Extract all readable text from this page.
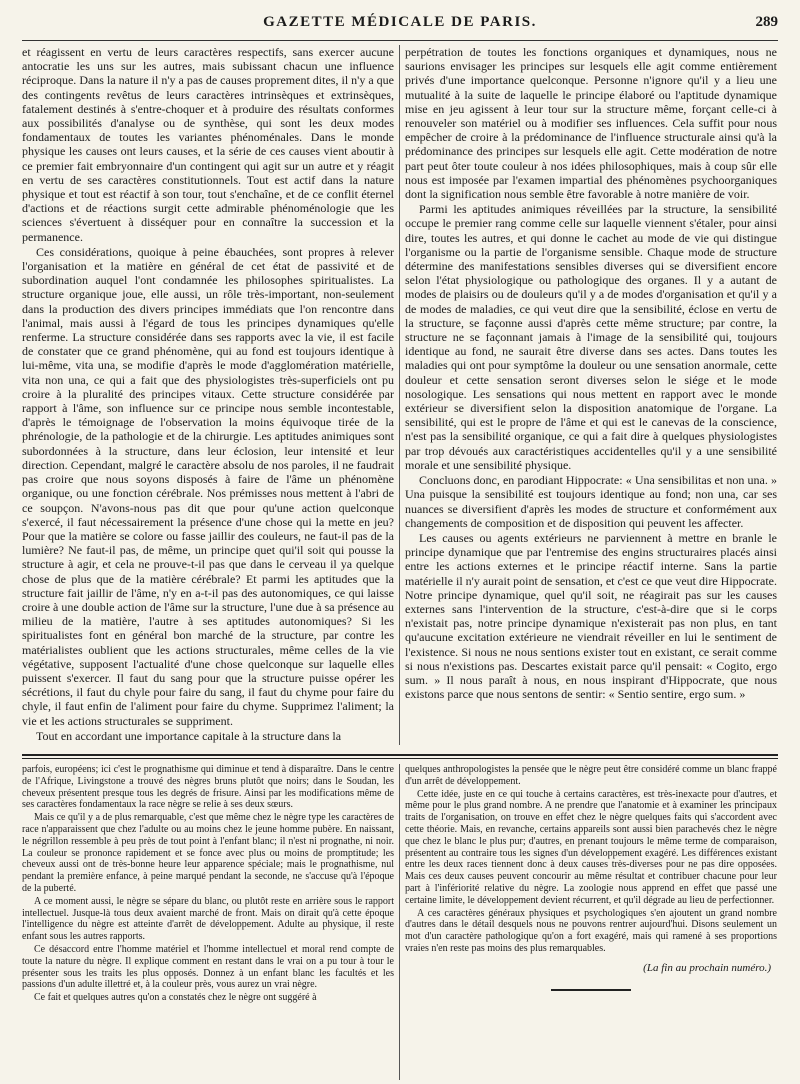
GAZETTE MÉDICALE DE PARIS.	289

et réagissent en vertu de leurs caractères respectifs, sans exercer aucune antocratie les uns sur les autres, mais subissant chacun une influence réciproque. Dans la nature il n'y a pas de causes proprement dites, il n'y a que des contingents revêtus de leurs caractères intrinsèques et extrinsèques, fatalement destinés à s'entre-choquer et à produire des résultats conformes aux possibilités d'analyse ou de synthèse, qui sont les deux modes fondamentaux de toutes les variantes phénoménales. Dans le monde physique les causes ont leurs causes, et la série de ces causes vient aboutir à ce premier fait embryonnaire d'un contingent qui agit sur un autre et y réagit en vertu de ses caractères constitutionnels. Tout est actif dans la nature physique et tout est réactif à son tour, tout s'enchaîne, et de ce conflit éternel d'actions et de réactions surgit cette admirable phénoménologie que les sciences s'évertuent à disséquer pour en connaître la succession et la permanence.

Ces considérations, quoique à peine ébauchées, sont propres à relever l'organisation et la matière en général de cet état de passivité et de subordination auquel l'ont condamnée les philosophes spiritualistes. La structure organique joue, elle aussi, un rôle très-important, non-seulement dans la production des divers principes immédiats que l'on rencontre dans l'animal, mais aussi à l'égard de tous les principes dynamiques qu'elle renferme. La structure considérée dans ses rapports avec la vie, il est facile de constater que ce grand phénomène, qui au fond est toujours identique à lui-même, vita una, se modifie d'après le mode d'agglomération matérielle, vita non una, ce qui a fait que des physiologistes très-superficiels ont pu croire à la pluralité des principes vitaux. Cette structure considérée par rapport à l'âme, son influence sur ce principe nous semble incontestable, d'après le témoignage de l'observation la moins équivoque tirée de la phrénologie, de la pathologie et de la chirurgie. Les aptitudes animiques sont subordonnées à la structure, dans leur éclosion, leur intensité et leur direction. Cependant, malgré le caractère absolu de nos paroles, il ne faudrait pas croire que nous soyons disposés à faire de l'âme un phénomène organique, ou une fonction cérébrale. Nos prémisses nous mettent à l'abri de ce soupçon. N'avons-nous pas dit que pour qu'une action quelconque s'exercé, il faut nécessairement la présence d'une chose qui la mette en jeu? Pour que la matière se colore ou fasse jaillir des couleurs, ne faut-il pas de la lumière? Ne faut-il pas, de même, un principe quet qui'il soit qui pousse la structure à agir, et cela ne prouve-t-il pas que dans le cerveau il ya quelque chose de plus que de la matière cérébrale? Et parmi les aptitudes que la structure fait jaillir de l'âme, n'y en a-t-il pas des autonomiques, ce qui laisse croire à une double action de l'âme sur la structure, l'une due à sa présence au milieu de la matière, l'autre à ses aptitudes autonomiques? Si les spiritualistes font en général bon marché de la structure, par contre les matérialistes oublient que les actions structurales, même celles de la vie végétative, supposent l'actualité d'une chose quelconque sur laquelle elles puissent s'exercer. Il faut du sang pour que la structure puisse opérer les sécrétions, il faut du chyle pour faire du sang, il faut du chyme pour faire du chyle, il faut enfin de l'aliment pour faire du chyme. Supprimez l'aliment; la vie et les actions structurales se suppriment.

Tout en accordant une importance capitale à la structure dans la

perpétration de toutes les fonctions organiques et dynamiques, nous ne saurions envisager les principes sur lesquels elle agit comme entièrement privés d'une importance quelconque. Personne n'ignore qu'il y a lieu une mutualité à la suite de laquelle le principe élaboré ou l'aptitude dynamique mise en jeu agissent à leur tour sur la structure même, forçant celle-ci à renouveler son matériel ou à modifier ses influences. Cela suffit pour nous empêcher de croire à la prédominance de l'influence structurale ainsi qu'à la prédominance des principes sur lesquels elle agit. Cette modération de notre part peut ôter toute couleur à nos idées philosophiques, mais à coup sûr elle nous est imposée par l'examen impartial des phénomènes psychoorganiques dont la signification nous semble être favorable à notre manière de voir.

Parmi les aptitudes animiques réveillées par la structure, la sensibilité occupe le premier rang comme celle sur laquelle viennent s'étaler, pour ainsi dire, toutes les autres, et qui donne le cachet au mode de vie qui distingue l'organisme ou la partie de l'organisme sensible. Chaque mode de structure détermine des manifestations sensibles diverses qui se diversifient encore selon l'état physiologique ou pathologique des organes. Il y a autant de modes de plaisirs ou de douleurs qu'il y a de modes d'organisation et qu'il y a de modes de maladies, ce qui veut dire que la sensibilité, éclose en vertu de la structure, se façonne aussi d'après cette même structure; par contre, la structure ne se façonnant jamais à l'image de la sensibilité qui, toujours identique au fond, ne saurait être diverse dans ses actes. Dans toutes les maladies qui ont pour symptôme la douleur ou une sensation anormale, cette douleur et cette sensation seront diverses selon le siége et le mode nosologique. Les sensations qui nous mettent en rapport avec le monde extérieur se diversifient selon la disposition anatomique de l'organe. La sensibilité, qui est le propre de l'âme et qui est le canevas de la conscience, n'est pas la sensibilité organique, ce qui a fait dire à quelques physiologistes par trop dévoués aux caractéristiques accidentelles qu'il y a une sensibilité morale et une sensibilité physique.

Concluons donc, en parodiant Hippocrate: « Una sensibilitas et non una. » Una puisque la sensibilité est toujours identique au fond; non una, car ses nuances se diversifient d'après les modes de structure et conformément aux changements de composition et de disposition qui peuvent les affecter.

Les causes ou agents extérieurs ne parviennent à mettre en branle le principe dynamique que par l'entremise des engins structuraires placés ainsi entre les actions externes et le principe réactif interne. Sans la partie matérielle il n'y aurait point de sensation, et c'est ce que veut dire Hippocrate. Notre principe dynamique, quel qu'il soit, ne réagirait pas sur les causes externes sans l'intervention de la structure, c'est-à-dire que si le corps n'existait pas, notre principe dynamique n'existerait pas non plus, en tant qu'aucune excitation extérieure ne viendrait réveiller en lui le sentiment de l'existence. Si nous ne nous sentions exister tout en existant, ce serait comme si nous n'existions pas. Descartes existait parce qu'il pensait: « Cogito, ergo sum. » Il nous paraît à nous, en nous inspirant d'Hippocrate, que nous existons parce que nous sentons de sentir: « Sentio sentire, ergo sum. »

parfois, européens; ici c'est le prognathisme qui diminue et tend à disparaître. Dans le centre de l'Afrique, Livingstone a trouvé des nègres bruns plutôt que noirs; dans le Soudan, les cheveux présentent presque tous les degrés de frisure. Ainsi par les modifications même de ses caractères fondamentaux la race nègre se relie à ses deux sœurs.

Mais ce qu'il y a de plus remarquable, c'est que même chez le nègre type les caractères de race n'apparaissent que chez l'adulte ou au moins chez le jeune homme pubère. En naissant, le négrillon ressemble à peu près de tout point à l'enfant blanc; il n'est ni prognathe, ni noir. La couleur se prononce rapidement et se fonce avec plus ou moins de promptitude; les cheveux aussi ont de très-bonne heure leur apparence spéciale; mais le prognathisme, nul pendant la première enfance, à peine marqué pendant la seconde, ne s'accuse qu'à l'époque de la puberté.

A ce moment aussi, le nègre se sépare du blanc, ou plutôt reste en arrière sous le rapport intellectuel. Jusque-là tous deux avaient marché de front. Mais on dirait qu'à cette époque l'intelligence du nègre est atteinte d'arrêt de développement. Adulte au physique, il reste enfant sous les autres rapports.

Ce désaccord entre l'homme matériel et l'homme intellectuel et moral rend compte de toute la nature du nègre. Il explique comment en restant dans le vrai on a pu tour à tour le présenter sous les traits les plus opposés. Donnez à un enfant blanc les facultés et les passions d'un adulte illettré et, à la couleur près, vous aurez un vrai nègre.

Ce fait et quelques autres qu'on a constatés chez le nègre ont suggéré à

quelques anthropologistes la pensée que le nègre peut être considéré comme un blanc frappé d'un arrêt de développement.

Cette idée, juste en ce qui touche à certains caractères, est très-inexacte pour d'autres, et même pour le plus grand nombre. A ne prendre que l'anatomie et à examiner les principaux traits de l'organisation, on trouve en effet chez le nègre quelques faits qui s'accordent avec cette théorie. Mais, en revanche, certains appareils sont aussi bien parachevés chez le nègre que chez le blanc le plus pur; d'autres, en prenant toujours le même terme de comparaison, présentent au contraire tous les signes d'un développement exagéré. Les différences existant entre les deux races tiennent donc à deux causes très-diverses pour ne pas dire opposées. Mais ces deux causes peuvent concourir au même résultat et contribuer chacune pour leur part à l'infériorité relative du nègre. La zoologie nous apprend en effet que passé une certaine limite, le développement devient récurrent, et qu'il dégrade au lieu de perfectionner.

A ces caractères généraux physiques et psychologiques s'en ajoutent un grand nombre d'autres dans le détail desquels nous ne pouvons rentrer aujourd'hui. Disons seulement un mot d'un caractère pathologique qu'on a fort exagéré, mais qui ramené à ses proportions vraies n'en reste pas moins des plus remarquables.

(La fin au prochain numéro.)
